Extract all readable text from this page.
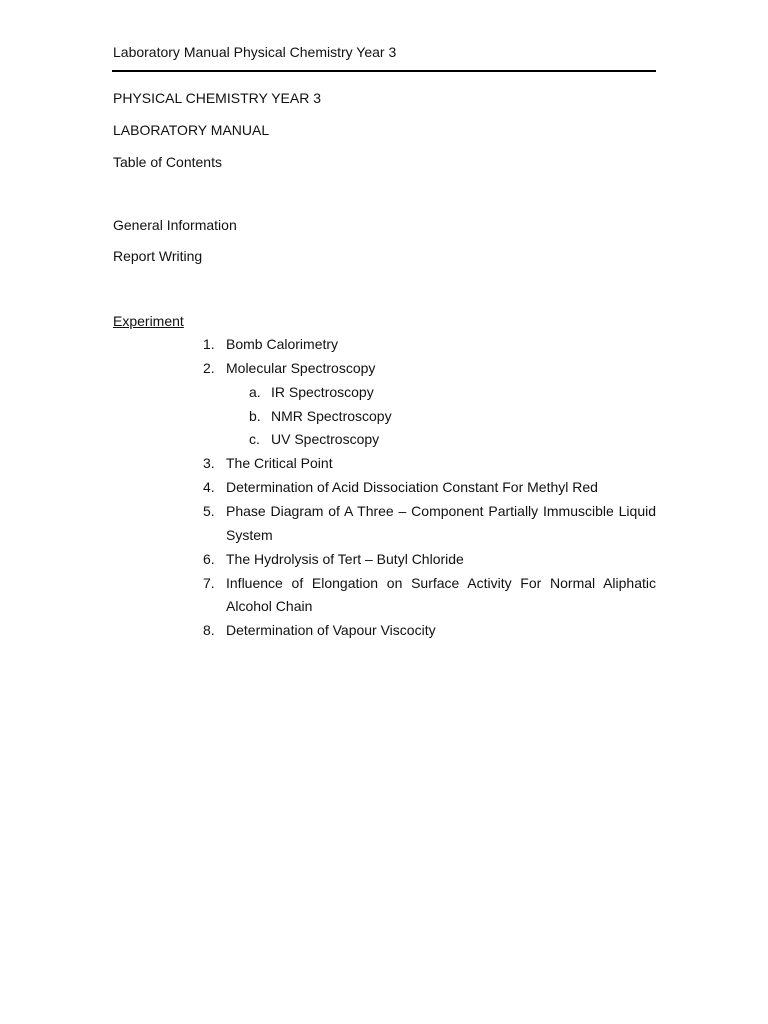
Laboratory Manual Physical Chemistry Year 3
PHYSICAL CHEMISTRY YEAR 3
LABORATORY MANUAL
Table of Contents
General Information
Report Writing
Experiment
1. Bomb Calorimetry
2. Molecular Spectroscopy
a. IR Spectroscopy
b. NMR Spectroscopy
c. UV Spectroscopy
3. The Critical Point
4. Determination of Acid Dissociation Constant For Methyl Red
5. Phase Diagram of A Three – Component Partially Immuscible Liquid
System
6. The Hydrolysis of Tert – Butyl Chloride
7. Influence of Elongation on Surface Activity For Normal Aliphatic
Alcohol Chain
8. Determination of Vapour Viscocity
